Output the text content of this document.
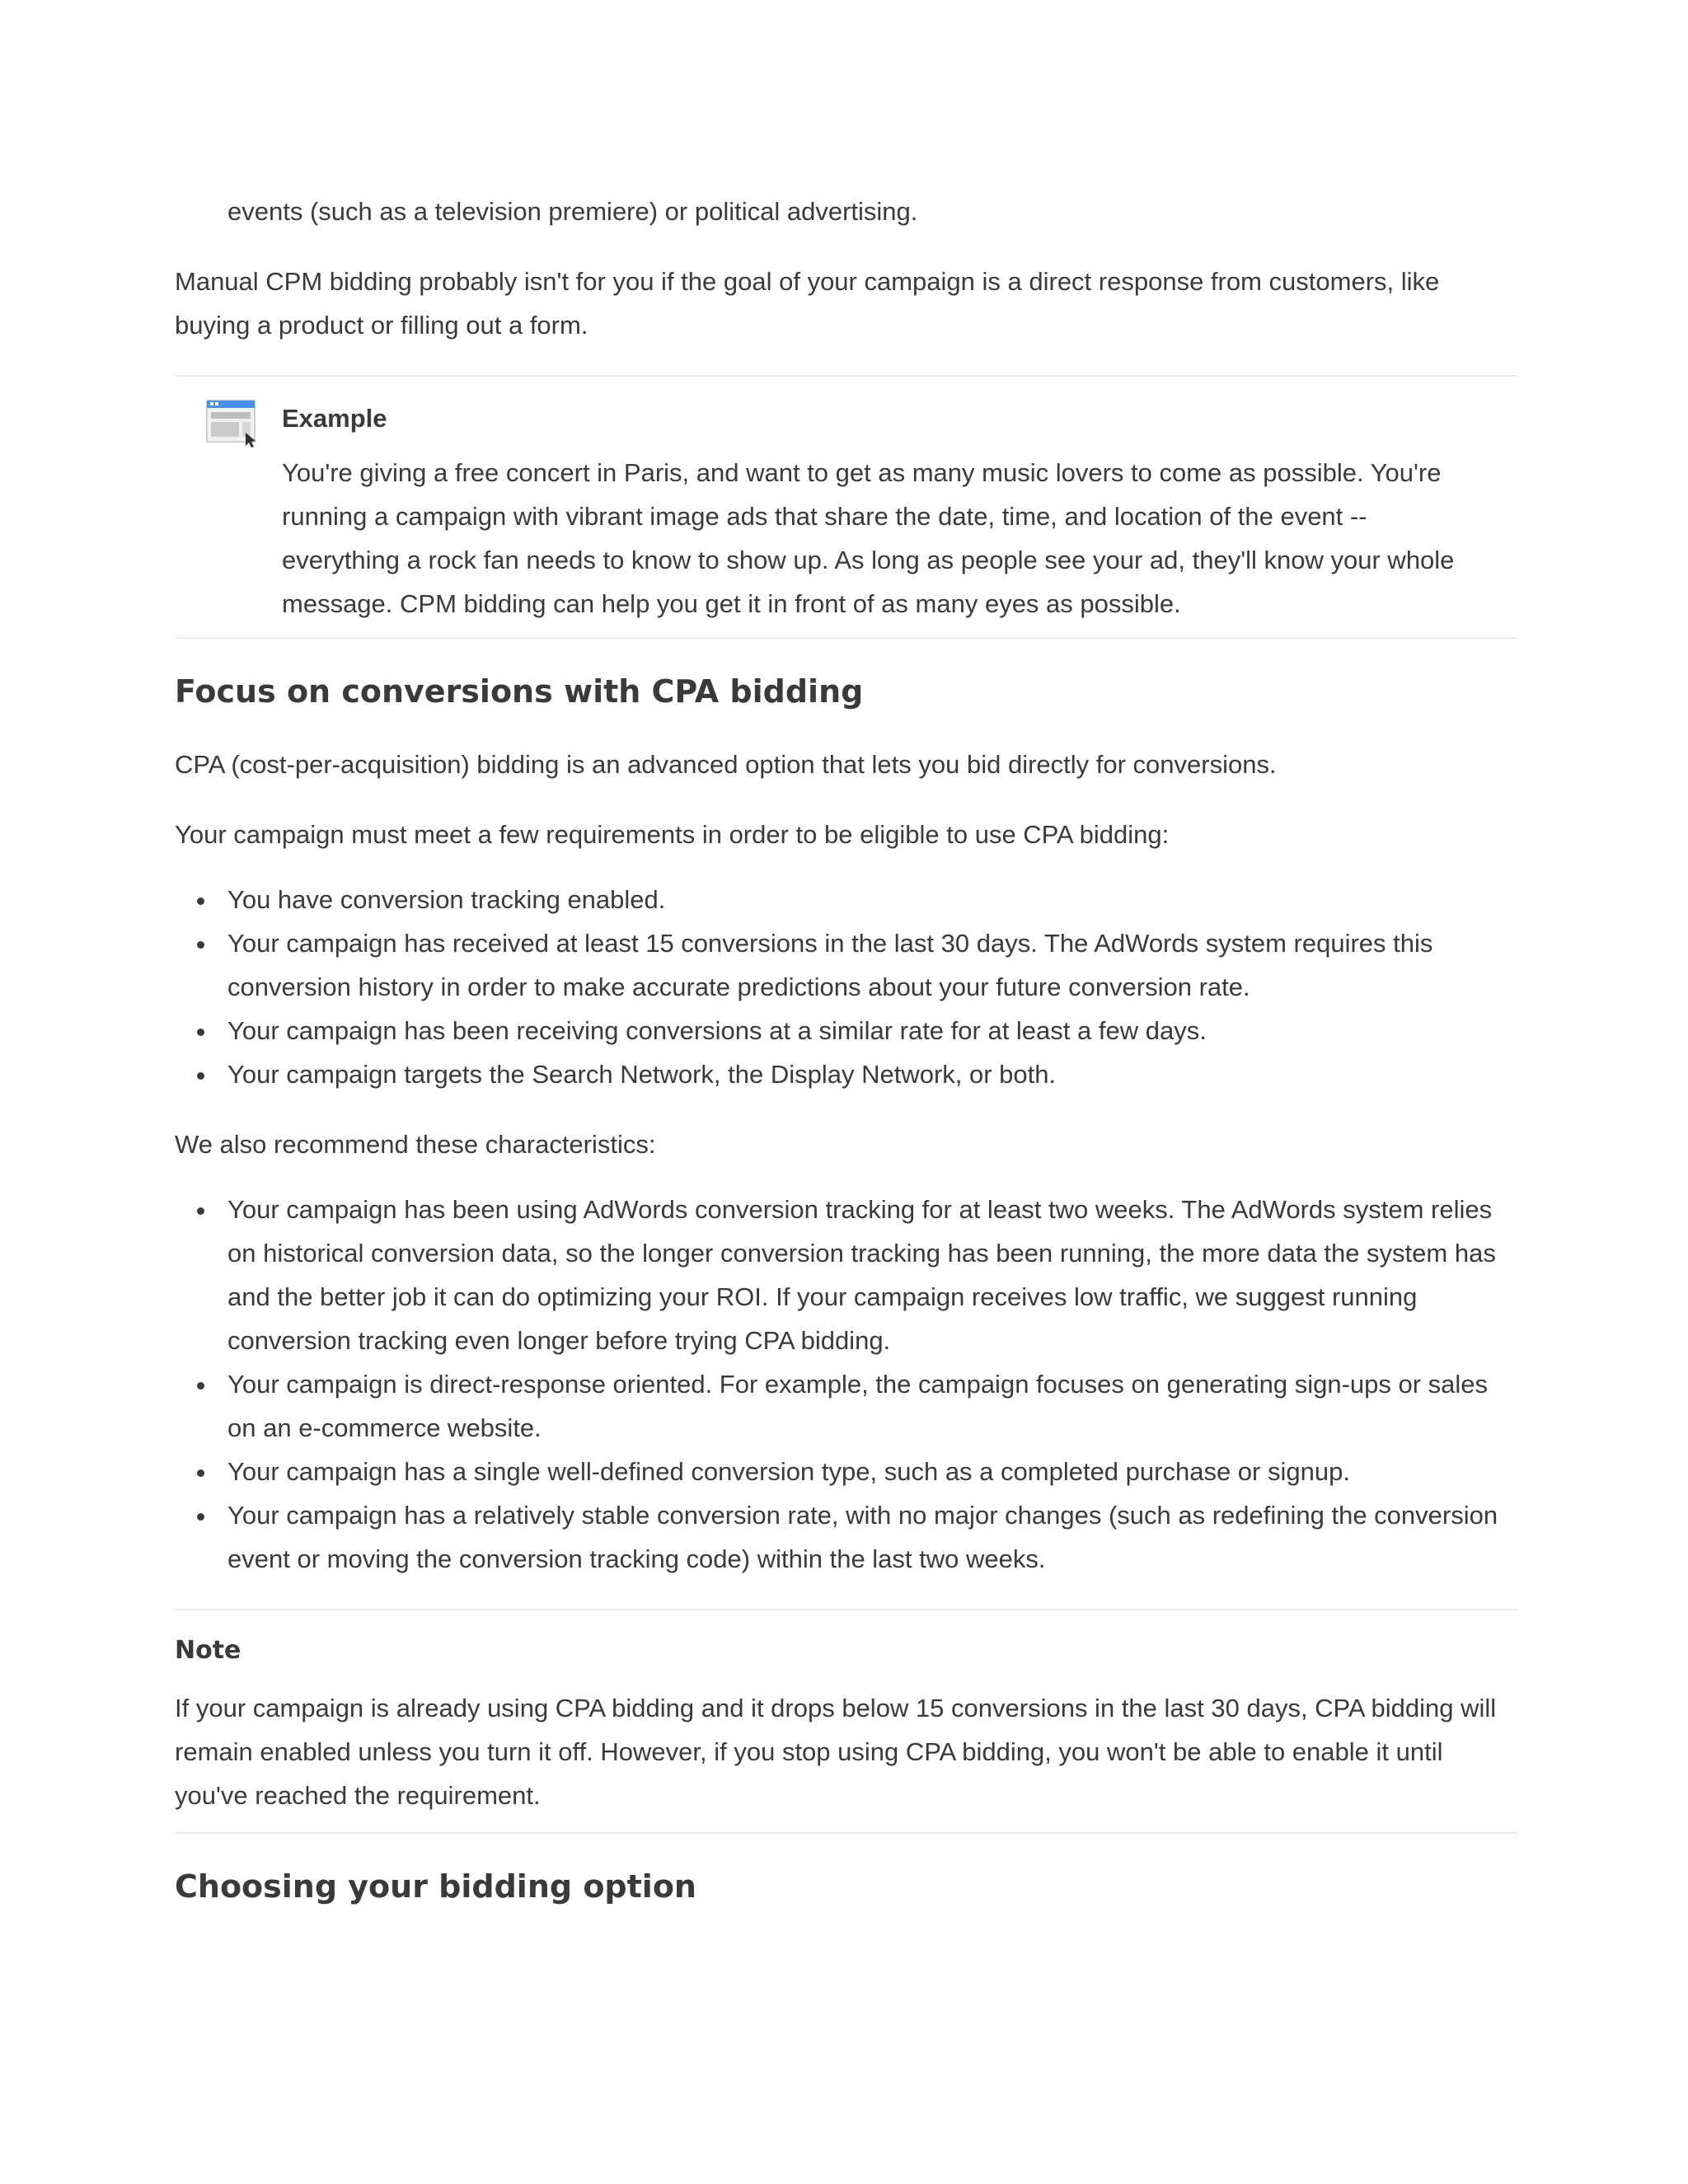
events (such as a television premiere) or political advertising.

Manual CPM bidding probably isn't for you if the goal of your campaign is a direct response from customers, like buying a product or filling out a form.

Example

You're giving a free concert in Paris, and want to get as many music lovers to come as possible. You're running a campaign with vibrant image ads that share the date, time, and location of the event -- everything a rock fan needs to know to show up. As long as people see your ad, they'll know your whole message. CPM bidding can help you get it in front of as many eyes as possible.

Focus on conversions with CPA bidding

CPA (cost-per-acquisition) bidding is an advanced option that lets you bid directly for conversions.

Your campaign must meet a few requirements in order to be eligible to use CPA bidding:

You have conversion tracking enabled.
Your campaign has received at least 15 conversions in the last 30 days. The AdWords system requires this conversion history in order to make accurate predictions about your future conversion rate.
Your campaign has been receiving conversions at a similar rate for at least a few days.
Your campaign targets the Search Network, the Display Network, or both.

We also recommend these characteristics:

Your campaign has been using AdWords conversion tracking for at least two weeks. The AdWords system relies on historical conversion data, so the longer conversion tracking has been running, the more data the system has and the better job it can do optimizing your ROI. If your campaign receives low traffic, we suggest running conversion tracking even longer before trying CPA bidding.
Your campaign is direct-response oriented. For example, the campaign focuses on generating sign-ups or sales on an e-commerce website.
Your campaign has a single well-defined conversion type, such as a completed purchase or signup.
Your campaign has a relatively stable conversion rate, with no major changes (such as redefining the conversion event or moving the conversion tracking code) within the last two weeks.

Note

If your campaign is already using CPA bidding and it drops below 15 conversions in the last 30 days, CPA bidding will remain enabled unless you turn it off. However, if you stop using CPA bidding, you won't be able to enable it until you've reached the requirement.

Choosing your bidding option
